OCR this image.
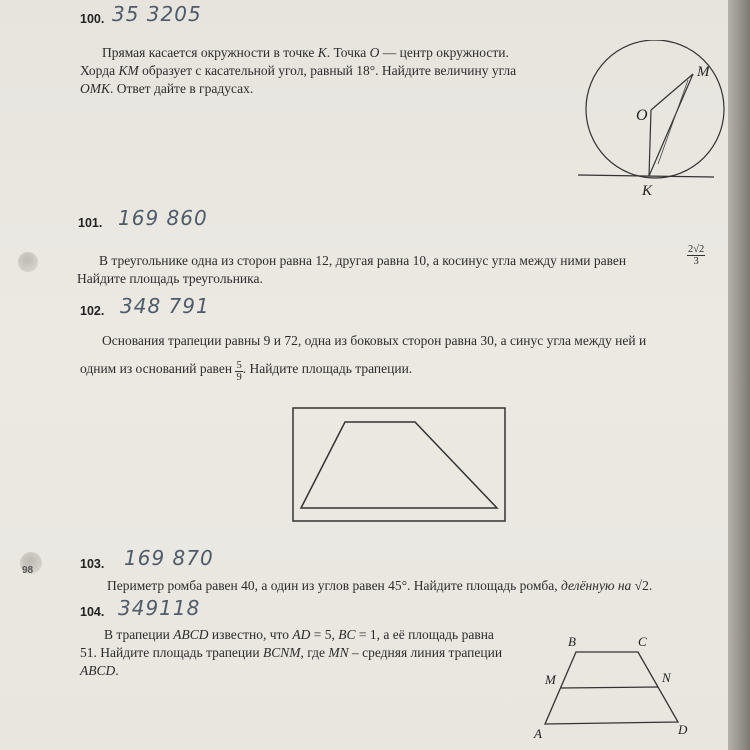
98
100. 35 3205
Прямая касается окружности в точке K. Точка O — центр окружности.
Хорда KM образует с касательной угол, равный 18°. Найдите величину угла
OMK. Ответ дайте в градусах.
O
M
K
101. 169 860
В треугольнике одна из сторон равна 12, другая равна 10, а косинус угла между ними равен	$\frac{2√2}{3}$

Найдите площадь треугольника.
102. 348 791
Основания трапеции равны 9 и 72, одна из боковых сторон равна 30, а синус угла между ней и
одним из оснований равен $\frac{5}{9}$ . Найдите площадь трапеции.
103. 169 870
Периметр ромба равен 40, а один из углов равен 45°. Найдите площадь ромба, делённую на √2.
104. 349118
В трапеции ABCD известно, что AD = 5, BC = 1, а её площадь равна
51. Найдите площадь трапеции BCNM, где MN – средняя линия трапеции
ABCD.
B	C
M	N
A	D
